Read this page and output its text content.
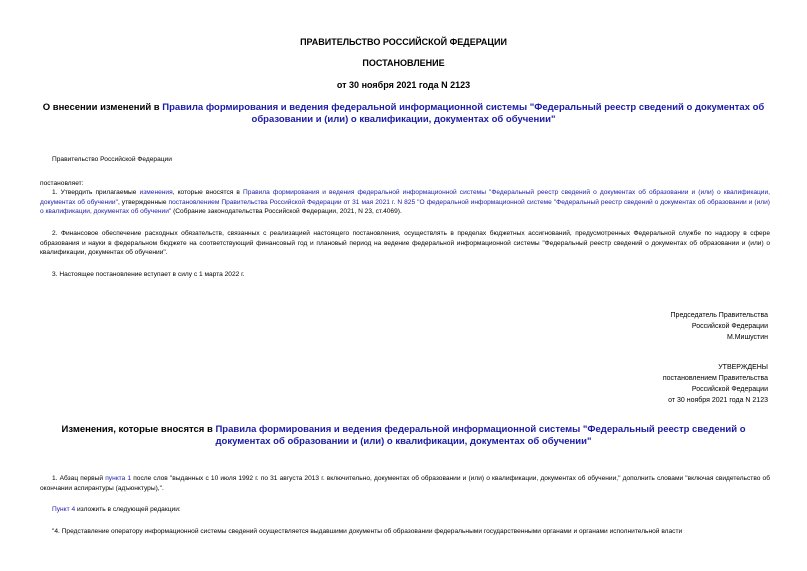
ПРАВИТЕЛЬСТВО РОССИЙСКОЙ ФЕДЕРАЦИИ
ПОСТАНОВЛЕНИЕ
от 30 ноября 2021 года N 2123
О внесении изменений в Правила формирования и ведения федеральной информационной системы "Федеральный реестр сведений о документах об образовании и (или) о квалификации, документах об обучении"
Правительство Российской Федерации
постановляет:
1. Утвердить прилагаемые изменения, которые вносятся в Правила формирования и ведения федеральной информационной системы "Федеральный реестр сведений о документах об образовании и (или) о квалификации, документах об обучении", утвержденные постановлением Правительства Российской Федерации от 31 мая 2021 г. N 825 "О федеральной информационной системе "Федеральный реестр сведений о документах об образовании и (или) о квалификации, документах об обучении" (Собрание законодательства Российской Федерации, 2021, N 23, ст.4069).
2. Финансовое обеспечение расходных обязательств, связанных с реализацией настоящего постановления, осуществлять в пределах бюджетных ассигнований, предусмотренных Федеральной службе по надзору в сфере образования и науки в федеральном бюджете на соответствующий финансовый год и плановый период на ведение федеральной информационной системы "Федеральный реестр сведений о документах об образовании и (или) о квалификации, документах об обучении".
3. Настоящее постановление вступает в силу с 1 марта 2022 г.
Председатель Правительства
Российской Федерации
М.Мишустин
УТВЕРЖДЕНЫ
постановлением Правительства
Российской Федерации
от 30 ноября 2021 года N 2123
Изменения, которые вносятся в Правила формирования и ведения федеральной информационной системы "Федеральный реестр сведений о документах об образовании и (или) о квалификации, документах об обучении"
1. Абзац первый пункта 1 после слов "выданных с 10 июля 1992 г. по 31 августа 2013 г. включительно, документах об образовании и (или) о квалификации, документах об обучении," дополнить словами "включая свидетельство об окончании аспирантуры (адъюнктуры),".
Пункт 4 изложить в следующей редакции:
"4. Представление оператору информационной системы сведений осуществляется выдавшими документы об образовании федеральными государственными органами и органами исполнительной власти
